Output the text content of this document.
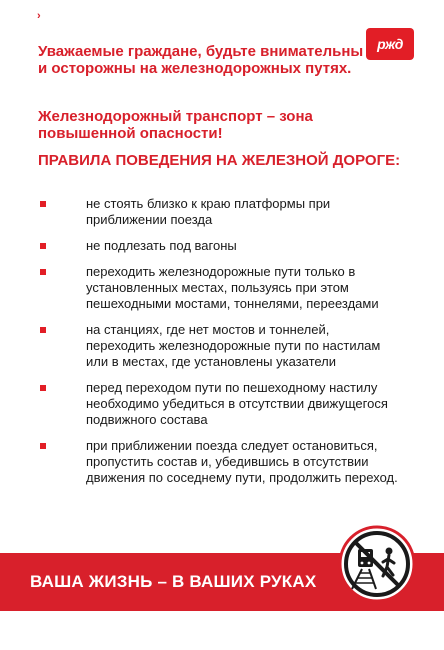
›
ржд

Уважаемые граждане, будьте внимательны и осторожны на железнодорожных путях.

Железнодорожный транспорт – зона повышенной опасности!

ПРАВИЛА ПОВЕДЕНИЯ НА ЖЕЛЕЗНОЙ ДОРОГЕ:
не стоять близко к краю платформы при приближении поезда
не подлезать под вагоны
переходить железнодорожные пути только в установленных местах, пользуясь при этом пешеходными мостами, тоннелями, переездами
на станциях, где нет мостов и тоннелей, переходить железнодорожные пути по настилам или в местах, где установлены указатели
перед переходом пути по пешеходному настилу необходимо убедиться в отсутствии движущегося подвижного состава
при приближении поезда следует остановиться, пропустить состав и, убедившись в отсутствии движения по соседнему пути, продолжить переход.

ВАША ЖИЗНЬ – В ВАШИХ РУКАХ
